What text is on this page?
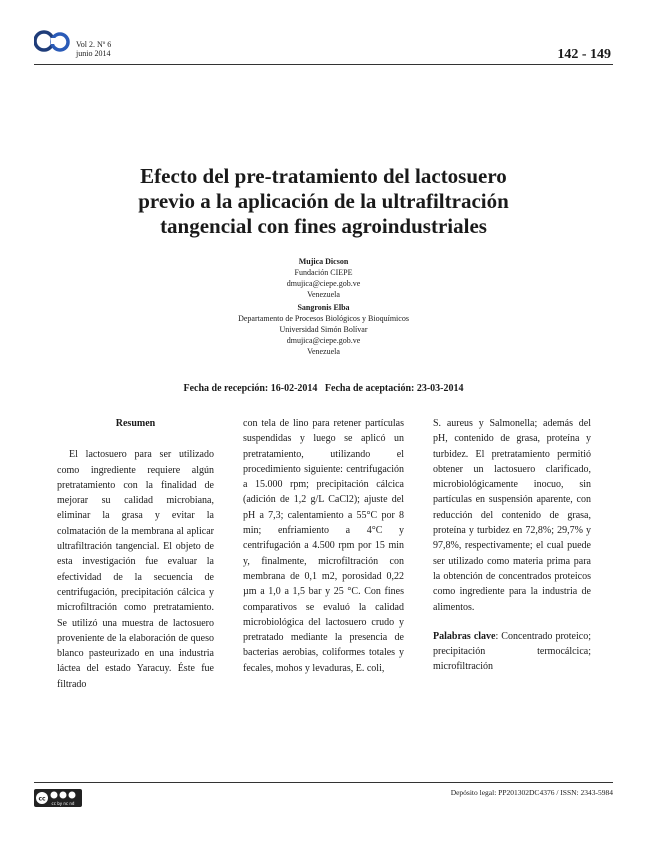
Vol 2. Nº 6
junio 2014	142 - 149
Efecto del pre-tratamiento del lactosuero
previo a la aplicación de la ultrafiltración
tangencial con fines agroindustriales
Mujica Dicson
Fundación CIEPE
dmujica@ciepe.gob.ve
Venezuela
Sangronis Elba
Departamento de Procesos Biológicos y Bioquímicos
Universidad Simón Bolívar
dmujica@ciepe.gob.ve
Venezuela
Fecha de recepción: 16-02-2014   Fecha de aceptación: 23-03-2014

Resumen

El lactosuero para ser utilizado como ingrediente requiere algún pretratamiento con la finalidad de mejorar su calidad microbiana, eliminar la grasa y evitar la colmatación de la membrana al aplicar ultrafiltración tangencial. El objeto de esta investigación fue evaluar la efectividad de la secuencia de centrifugación, precipitación cálcica y microfiltración como pretratamiento. Se utilizó una muestra de lactosuero proveniente de la elaboración de queso blanco pasteurizado en una industria láctea del estado Yaracuy. Éste fue filtrado

con tela de lino para retener partículas suspendidas y luego se aplicó un pretratamiento, utilizando el procedimiento siguiente: centrifugación a 15.000 rpm; precipitación cálcica (adición de 1,2 g/L CaCl2); ajuste del pH a 7,3; calentamiento a 55°C por 8 min; enfriamiento a 4°C y centrifugación a 4.500 rpm por 15 min y, finalmente, microfiltración con membrana de 0,1 m2, porosidad 0,22 µm a 1,0 a 1,5 bar y 25 °C. Con fines comparativos se evaluó la calidad microbiológica del lactosuero crudo y pretratado mediante la presencia de bacterias aerobias, coliformes totales y fecales, mohos y levaduras, E. coli,

S. aureus y Salmonella; además del pH, contenido de grasa, proteína y turbidez. El pretratamiento permitió obtener un lactosuero clarificado, microbiológicamente inocuo, sin partículas en suspensión aparente, con reducción del contenido de grasa, proteína y turbidez en 72,8%; 29,7% y 97,8%, respectivamente; el cual puede ser utilizado como materia prima para la obtención de concentrados proteicos como ingrediente para la industria de alimentos.

Palabras clave: Concentrado proteico; precipitación termocálcica; microfiltración

cc
cc by nc nd
Depósito legal: PP201302DC4376 / ISSN: 2343-5984
